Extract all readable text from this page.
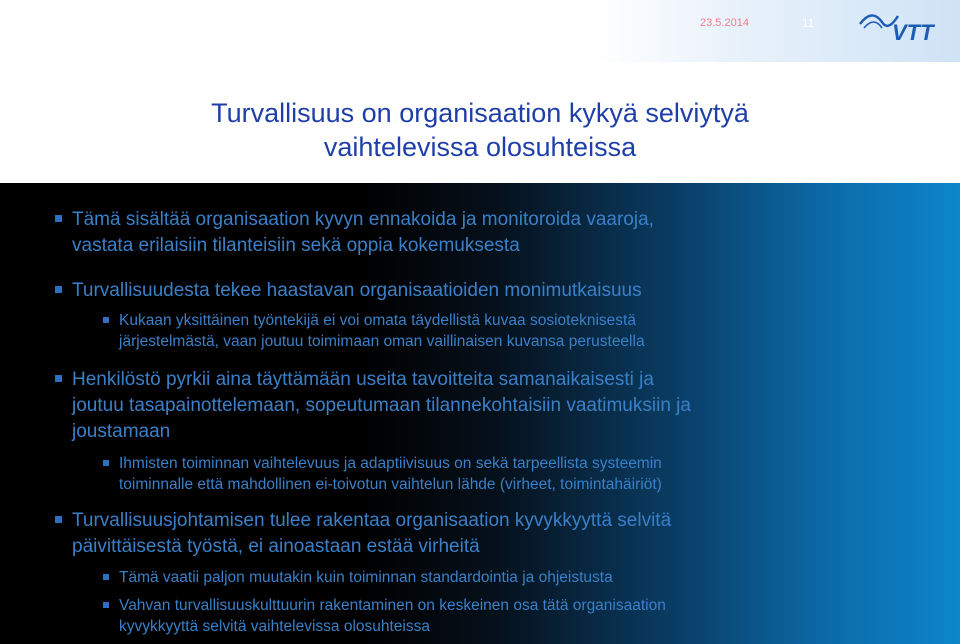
23.5.2014	11	VTT
Turvallisuus on organisaation kykyä selviytyä
vaihtelevissa olosuhteissa
Tämä sisältää organisaation kyvyn ennakoida ja monitoroida vaaroja,
vastata erilaisiin tilanteisiin sekä oppia kokemuksesta
Turvallisuudesta tekee haastavan organisaatioiden monimutkaisuus
Kukaan yksittäinen työntekijä ei voi omata täydellistä kuvaa sosioteknisestä
järjestelmästä, vaan joutuu toimimaan oman vaillinaisen kuvansa perusteella
Henkilöstö pyrkii aina täyttämään useita tavoitteita samanaikaisesti ja
joutuu tasapainottelemaan, sopeutumaan tilannekohtaisiin vaatimuksiin ja
joustamaan
Ihmisten toiminnan vaihtelevuus ja adaptiivisuus on sekä tarpeellista systeemin
toiminnalle että mahdollinen ei-toivotun vaihtelun lähde (virheet, toimintahäiriöt)
Turvallisuusjohtamisen tulee rakentaa organisaation kyvykkyyttä selvitä
päivittäisestä työstä, ei ainoastaan estää virheitä
Tämä vaatii paljon muutakin kuin toiminnan standardointia ja ohjeistusta
Vahvan turvallisuuskulttuurin rakentaminen on keskeinen osa tätä organisaation
kyvykkyyttä selvitä vaihtelevissa olosuhteissa
